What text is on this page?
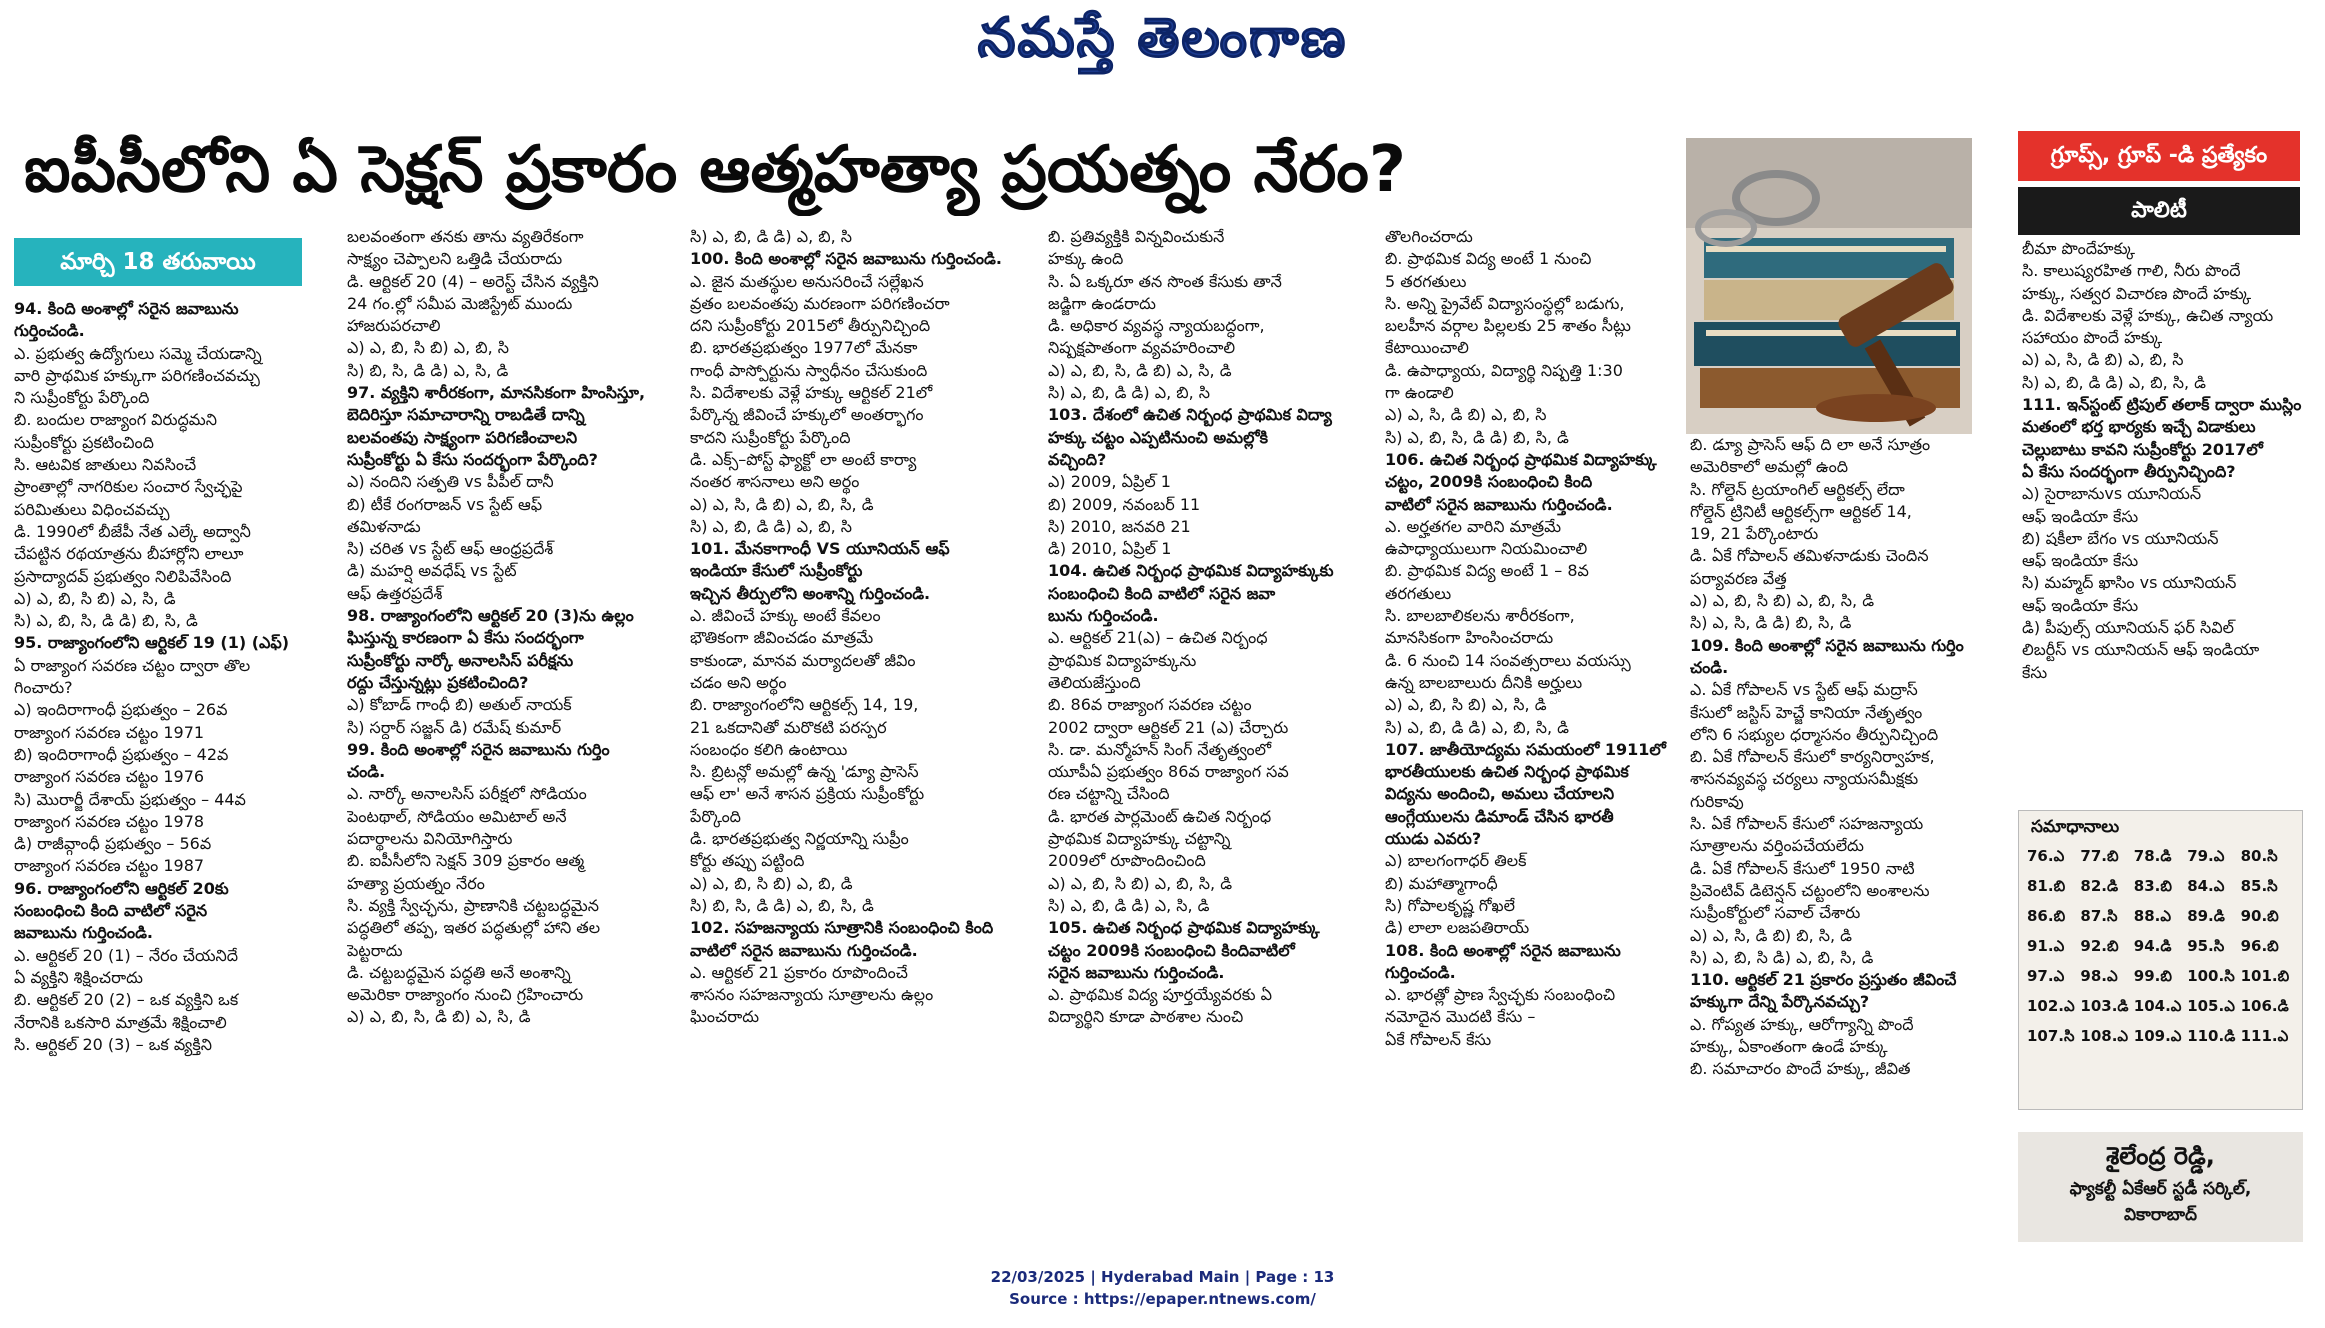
నమస్తే తెలంగాణ
ఐపీసీలోని ఏ సెక్షన్ ప్రకారం ఆత్మహత్యా ప్రయత్నం నేరం?
మార్చి 18 తరువాయి

94. కింది అంశాల్లో సరైన జవాబును

గుర్తించండి.

ఎ. ప్రభుత్వ ఉద్యోగులు సమ్మె చేయడాన్ని

వారి ప్రాథమిక హక్కుగా పరిగణించవచ్చు

ని సుప్రీంకోర్టు పేర్కొంది

బి. బందుల రాజ్యాంగ విరుద్ధమని

సుప్రీంకోర్టు ప్రకటించింది

సి. ఆటవిక జాతులు నివసించే

ప్రాంతాల్లో నాగరికుల సంచార స్వేచ్ఛపై

పరిమితులు విధించవచ్చు

డి. 1990లో బీజేపీ నేత ఎల్కే అద్వానీ

చేపట్టిన రథయాత్రను బీహార్లోని లాలూ

ప్రసాద్యాదవ్ ప్రభుత్వం నిలిపివేసింది

ఎ) ఎ, బి, సి బి) ఎ, సి, డి

సి) ఎ, బి, సి, డి డి) బి, సి, డి

95. రాజ్యాంగంలోని ఆర్టికల్ 19 (1) (ఎఫ్)

ఏ రాజ్యాంగ సవరణ చట్టం ద్వారా తొల

గించారు?

ఎ) ఇందిరాగాంధీ ప్రభుత్వం – 26వ

రాజ్యాంగ సవరణ చట్టం 1971

బి) ఇందిరాగాంధీ ప్రభుత్వం – 42వ

రాజ్యాంగ సవరణ చట్టం 1976

సి) మొరార్జీ దేశాయ్ ప్రభుత్వం – 44వ

రాజ్యాంగ సవరణ చట్టం 1978

డి) రాజీవ్గాంధీ ప్రభుత్వం – 56వ

రాజ్యాంగ సవరణ చట్టం 1987

96. రాజ్యాంగంలోని ఆర్టికల్ 20కు

సంబంధించి కింది వాటిలో సరైన

జవాబును గుర్తించండి.

ఎ. ఆర్టికల్ 20 (1) – నేరం చేయనిదే

ఏ వ్యక్తిని శిక్షించరాదు

బి. ఆర్టికల్ 20 (2) – ఒక వ్యక్తిని ఒక

నేరానికి ఒకసారి మాత్రమే శిక్షించాలి

సి. ఆర్టికల్ 20 (3) – ఒక వ్యక్తిని

బలవంతంగా తనకు తాను వ్యతిరేకంగా

సాక్ష్యం చెప్పాలని ఒత్తిడి చేయరాదు

డి. ఆర్టికల్ 20 (4) – అరెస్ట్ చేసిన వ్యక్తిని

24 గం.ల్లో సమీప మెజిస్ట్రేట్ ముందు

హాజరుపరచాలి

ఎ) ఎ, బి, సి బి) ఎ, బి, సి

సి) బి, సి, డి డి) ఎ, సి, డి

97. వ్యక్తిని శారీరకంగా, మానసికంగా హింసిస్తూ,

బెదిరిస్తూ సమాచారాన్ని రాబడితే దాన్ని

బలవంతపు సాక్ష్యంగా పరిగణించాలని

సుప్రీంకోర్టు ఏ కేసు సందర్భంగా పేర్కొంది?

ఎ) నందిని సత్పతి vs పీపీల్ దానీ

బి) టీకే రంగరాజన్ vs స్టేట్ ఆఫ్

తమిళనాడు

సి) చరిత vs స్టేట్ ఆఫ్ ఆంధ్రప్రదేశ్

డి) మహర్షి అవధేష్ vs స్టేట్

ఆఫ్ ఉత్తరప్రదేశ్

98. రాజ్యాంగంలోని ఆర్టికల్ 20 (3)ను ఉల్లం

ఘిస్తున్న కారణంగా ఏ కేసు సందర్భంగా

సుప్రీంకోర్టు నార్కో అనాలసిస్ పరీక్షను

రద్దు చేస్తున్నట్లు ప్రకటించింది?

ఎ) కోబాడ్ గాంధీ బి) అతుల్ నాయక్

సి) సర్దార్ సజ్జన్ డి) రమేష్ కుమార్

99. కింది అంశాల్లో సరైన జవాబును గుర్తిం

చండి.

ఎ. నార్కో అనాలసిస్ పరీక్షలో సోడియం

పెంటథాల్, సోడియం అమిటాల్ అనే

పదార్థాలను వినియోగిస్తారు

బి. ఐపీసీలోని సెక్షన్ 309 ప్రకారం ఆత్మ

హత్యా ప్రయత్నం నేరం

సి. వ్యక్తి స్వేచ్ఛను, ప్రాణానికి చట్టబద్ధమైన

పద్ధతిలో తప్ప, ఇతర పద్ధతుల్లో హాని తల

పెట్టరాదు

డి. చట్టబద్ధమైన పద్ధతి అనే అంశాన్ని

అమెరికా రాజ్యాంగం నుంచి గ్రహించారు

ఎ) ఎ, బి, సి, డి బి) ఎ, సి, డి

సి) ఎ, బి, డి డి) ఎ, బి, సి

100. కింది అంశాల్లో సరైన జవాబును గుర్తించండి.

ఎ. జైన మతస్థుల అనుసరించే సల్లేఖన

వ్రతం బలవంతపు మరణంగా పరిగణించరా

దని సుప్రీంకోర్టు 2015లో తీర్పునిచ్చింది

బి. భారతప్రభుత్వం 1977లో మేనకా

గాంధీ పాస్పోర్టును స్వాధీనం చేసుకుంది

సి. విదేశాలకు వెళ్లే హక్కు ఆర్టికల్ 21లో

పేర్కొన్న జీవించే హక్కులో అంతర్భాగం

కాదని సుప్రీంకోర్టు పేర్కొంది

డి. ఎక్స్–పోస్ట్ ఫ్యాక్టో లా అంటే కార్యా

నంతర శాసనాలు అని అర్థం

ఎ) ఎ, సి, డి బి) ఎ, బి, సి, డి

సి) ఎ, బి, డి డి) ఎ, బి, సి

101. మేనకాగాంధీ VS యూనియన్ ఆఫ్

ఇండియా కేసులో సుప్రీంకోర్టు

ఇచ్చిన తీర్పులోని అంశాన్ని గుర్తించండి.

ఎ. జీవించే హక్కు అంటే కేవలం

భౌతికంగా జీవించడం మాత్రమే

కాకుండా, మానవ మర్యాదలతో జీవిం

చడం అని అర్థం

బి. రాజ్యాంగంలోని ఆర్టికల్స్ 14, 19,

21 ఒకదానితో మరొకటి పరస్పర

సంబంధం కలిగి ఉంటాయి

సి. బ్రిటన్లో అమల్లో ఉన్న 'డ్యూ ప్రాసెస్

ఆఫ్ లా' అనే శాసన ప్రక్రియ సుప్రీంకోర్టు

పేర్కొంది

డి. భారతప్రభుత్వ నిర్ణయాన్ని సుప్రీం

కోర్టు తప్పు పట్టింది

ఎ) ఎ, బి, సి బి) ఎ, బి, డి

సి) బి, సి, డి డి) ఎ, బి, సి, డి

102. సహజన్యాయ సూత్రానికి సంబంధించి కింది

వాటిలో సరైన జవాబును గుర్తించండి.

ఎ. ఆర్టికల్ 21 ప్రకారం రూపొందించే

శాసనం సహజన్యాయ సూత్రాలను ఉల్లం

ఘించరాదు

బి. ప్రతివ్యక్తికి విన్నవించుకునే

హక్కు ఉంది

సి. ఏ ఒక్కరూ తన సొంత కేసుకు తానే

జడ్జిగా ఉండరాదు

డి. అధికార వ్యవస్థ న్యాయబద్ధంగా,

నిష్పక్షపాతంగా వ్యవహరించాలి

ఎ) ఎ, బి, సి, డి బి) ఎ, సి, డి

సి) ఎ, బి, డి డి) ఎ, బి, సి

103. దేశంలో ఉచిత నిర్బంధ ప్రాథమిక విద్యా

హక్కు చట్టం ఎప్పటినుంచి అమల్లోకి

వచ్చింది?

ఎ) 2009, ఏప్రిల్ 1

బి) 2009, నవంబర్ 11

సి) 2010, జనవరి 21

డి) 2010, ఏప్రిల్ 1

104. ఉచిత నిర్బంధ ప్రాథమిక విద్యాహక్కుకు

సంబంధించి కింది వాటిలో సరైన జవా

బును గుర్తించండి.

ఎ. ఆర్టికల్ 21(ఎ) – ఉచిత నిర్బంధ

ప్రాథమిక విద్యాహక్కును

తెలియజేస్తుంది

బి. 86వ రాజ్యాంగ సవరణ చట్టం

2002 ద్వారా ఆర్టికల్ 21 (ఎ) చేర్చారు

సి. డా. మన్మోహన్ సింగ్ నేతృత్వంలో

యూపీఏ ప్రభుత్వం 86వ రాజ్యాంగ సవ

రణ చట్టాన్ని చేసింది

డి. భారత పార్లమెంట్ ఉచిత నిర్బంధ

ప్రాథమిక విద్యాహక్కు చట్టాన్ని

2009లో రూపొందించింది

ఎ) ఎ, బి, సి బి) ఎ, బి, సి, డి

సి) ఎ, బి, డి డి) ఎ, సి, డి

105. ఉచిత నిర్బంధ ప్రాథమిక విద్యాహక్కు

చట్టం 2009కి సంబంధించి కిందివాటిలో

సరైన జవాబును గుర్తించండి.

ఎ. ప్రాథమిక విద్య పూర్తయ్యేవరకు ఏ

విద్యార్థిని కూడా పాఠశాల నుంచి

తొలగించరాదు

బి. ప్రాథమిక విద్య అంటే 1 నుంచి

5 తరగతులు

సి. అన్ని ప్రైవేట్ విద్యాసంస్థల్లో బడుగు,

బలహీన వర్గాల పిల్లలకు 25 శాతం సీట్లు

కేటాయించాలి

డి. ఉపాధ్యాయ, విద్యార్థి నిష్పత్తి 1:30

గా ఉండాలి

ఎ) ఎ, సి, డి బి) ఎ, బి, సి

సి) ఎ, బి, సి, డి డి) బి, సి, డి

106. ఉచిత నిర్బంధ ప్రాథమిక విద్యాహక్కు

చట్టం, 2009కి సంబంధించి కింది

వాటిలో సరైన జవాబును గుర్తించండి.

ఎ. అర్హతగల వారిని మాత్రమే

ఉపాధ్యాయులుగా నియమించాలి

బి. ప్రాథమిక విద్య అంటే 1 – 8వ

తరగతులు

సి. బాలబాలికలను శారీరకంగా,

మానసికంగా హింసించరాదు

డి. 6 నుంచి 14 సంవత్సరాలు వయస్సు

ఉన్న బాలబాలురు దీనికి అర్హులు

ఎ) ఎ, బి, సి బి) ఎ, సి, డి

సి) ఎ, బి, డి డి) ఎ, బి, సి, డి

107. జాతీయోద్యమ సమయంలో 1911లో

భారతీయులకు ఉచిత నిర్బంధ ప్రాథమిక

విద్యను అందించి, అమలు చేయాలని

ఆంగ్లేయులను డిమాండ్ చేసిన భారతీ

యుడు ఎవరు?

ఎ) బాలగంగాధర్ తిలక్

బి) మహాత్మాగాంధీ

సి) గోపాలకృష్ణ గోఖలే

డి) లాలా లజపతిరాయ్

108. కింది అంశాల్లో సరైన జవాబును గుర్తించండి.

ఎ. భారత్లో ప్రాణ స్వేచ్ఛకు సంబంధించి

నమోదైన మొదటి కేసు –

ఏకే గోపాలన్ కేసు

బి. డ్యూ ప్రాసెస్ ఆఫ్ ది లా అనే సూత్రం

అమెరికాలో అమల్లో ఉంది

సి. గోల్డెన్ ట్రయాంగిల్ ఆర్టికల్స్‌ లేదా

గోల్డెన్ ట్రినిటీ ఆర్టికల్స్‌గా ఆర్టికల్ 14,

19, 21 పేర్కొంటారు

డి. ఏకే గోపాలన్ తమిళనాడుకు చెందిన

పర్యావరణ వేత్త

ఎ) ఎ, బి, సి బి) ఎ, బి, సి, డి

సి) ఎ, సి, డి డి) బి, సి, డి

109. కింది అంశాల్లో సరైన జవాబును గుర్తిం

చండి.

ఎ. ఏకే గోపాలన్ vs స్టేట్ ఆఫ్ మద్రాస్

కేసులో జస్టిస్ హెచ్జే కానియా నేతృత్వం

లోని 6 సభ్యుల ధర్మాసనం తీర్పునిచ్చింది

బి. ఏకే గోపాలన్ కేసులో కార్యనిర్వాహక,

శాసనవ్యవస్థ చర్యలు న్యాయసమీక్షకు

గురికావు

సి. ఏకే గోపాలన్ కేసులో సహజన్యాయ

సూత్రాలను వర్తింపచేయలేదు

డి. ఏకే గోపాలన్ కేసులో 1950 నాటి

ప్రివెంటివ్ డిటెన్షన్ చట్టంలోని అంశాలను

సుప్రీంకోర్టులో సవాల్ చేశారు

ఎ) ఎ, సి, డి బి) బి, సి, డి

సి) ఎ, బి, సి డి) ఎ, బి, సి, డి

110. ఆర్టికల్ 21 ప్రకారం ప్రస్తుతం జీవించే

హక్కుగా దేన్ని పేర్కొనవచ్చు?

ఎ. గోప్యత హక్కు, ఆరోగ్యాన్ని పొందే

హక్కు, ఏకాంతంగా ఉండే హక్కు

బి. సమాచారం పొందే హక్కు, జీవిత

బీమా పొందేహక్కు

సి. కాలుష్యరహిత గాలి, నీరు పొందే

హక్కు, సత్వర విచారణ పొందే హక్కు

డి. విదేశాలకు వెళ్లే హక్కు, ఉచిత న్యాయ

సహాయం పొందే హక్కు

ఎ) ఎ, సి, డి బి) ఎ, బి, సి

సి) ఎ, బి, డి డి) ఎ, బి, సి, డి

111. ఇన్‌స్టంట్ ట్రిపుల్ తలాక్ ద్వారా ముస్లిం

మతంలో భర్త భార్యకు ఇచ్చే విడాకులు

చెల్లుబాటు కావని సుప్రీంకోర్టు 2017లో

ఏ కేసు సందర్భంగా తీర్పునిచ్చింది?

ఎ) సైరాబానుvs యూనియన్

ఆఫ్ ఇండియా కేసు

బి) షకీలా బేగం vs యూనియన్

ఆఫ్ ఇండియా కేసు

సి) మహ్మద్ ఖాసిం vs యూనియన్

ఆఫ్ ఇండియా కేసు

డి) పీపుల్స్ యూనియన్ ఫర్ సివిల్

లిబర్టీస్ vs యూనియన్ ఆఫ్ ఇండియా

కేసు

గ్రూప్స్, గ్రూప్ -డి ప్రత్యేకం
పాలిటీ
సమాధానాలు
76.ఎ	77.బి	78.డి	79.ఎ	80.సి
81.బి	82.డి	83.బి	84.ఎ	85.సి
86.బి	87.సి	88.ఎ	89.డి	90.బి
91.ఎ	92.బి	94.డి	95.సి	96.బి
97.ఎ	98.ఎ	99.బి	100.సి 101.బి
102.ఎ 103.డి 104.ఎ 105.ఎ 106.డి
107.సి 108.ఎ 109.ఎ 110.డి 111.ఎ
శైలేంద్ర రెడ్డి,
ఫ్యాకల్టీ ఏకేఆర్ స్టడీ సర్కిల్,
వికారాబాద్
22/03/2025 | Hyderabad Main | Page : 13
Source : https://epaper.ntnews.com/
